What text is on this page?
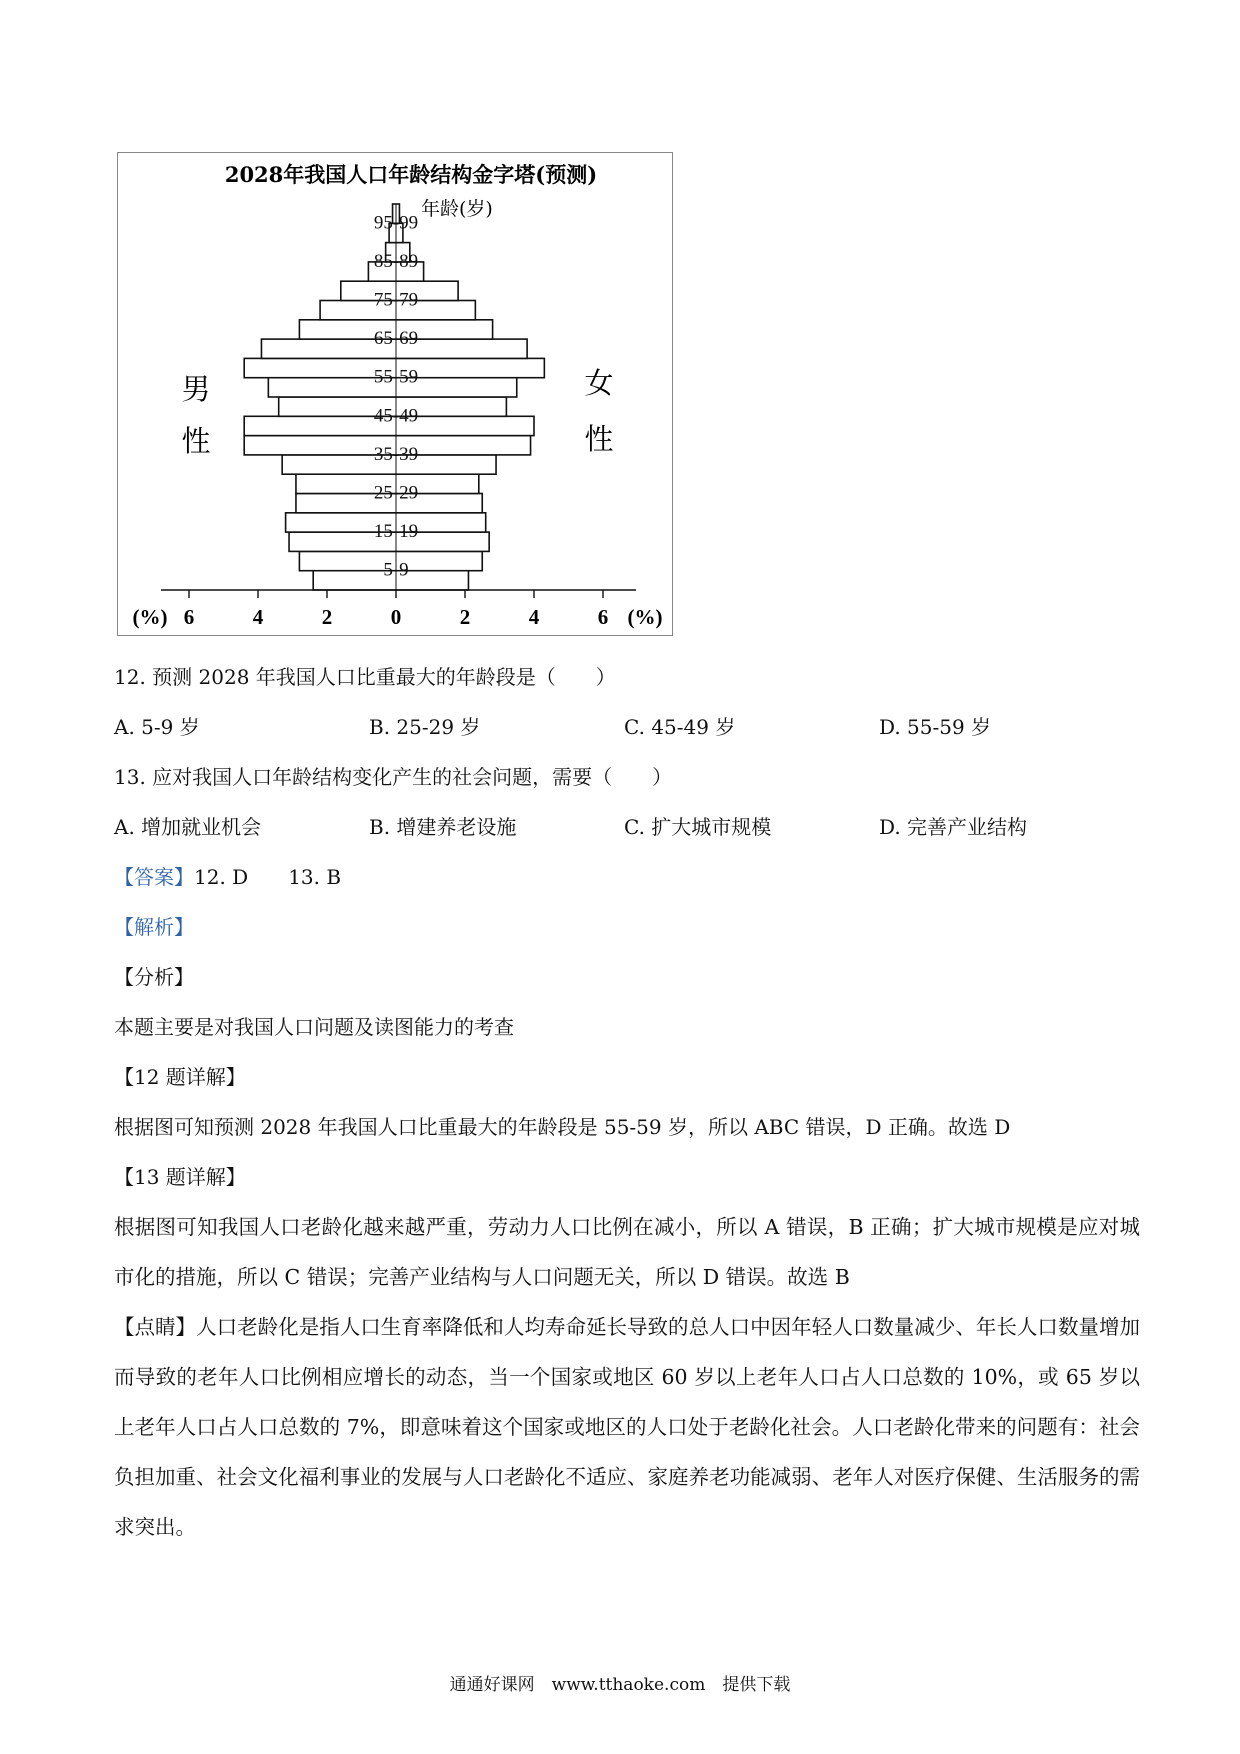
6	4	2	0	2	4	6
(%)	(%)
5-9
15-19
25-29
35-39
45-49
55-59
65-69
75-79
85-89
95-99
2028年我国人口年龄结构金字塔(预测)
年龄(岁)
男
性
女
性
12. 预测 2028 年我国人口比重最大的年龄段是（　　）
A. 5-9 岁	B. 25-29 岁	C. 45-49 岁	D. 55-59 岁
13. 应对我国人口年龄结构变化产生的社会问题，需要（　　）
A. 增加就业机会	B. 增建养老设施	C. 扩大城市规模	D. 完善产业结构
【答案】12. D 13. B
【解析】
【分析】
本题主要是对我国人口问题及读图能力的考查
【12 题详解】
根据图可知预测 2028 年我国人口比重最大的年龄段是 55-59 岁，所以 ABC 错误，D 正确。故选 D
【13 题详解】
根据图可知我国人口老龄化越来越严重，劳动力人口比例在减小，所以 A 错误，B 正确；扩大城市规模是应对城市化的措施，所以 C 错误；完善产业结构与人口问题无关，所以 D 错误。故选 B
【点睛】人口老龄化是指人口生育率降低和人均寿命延长导致的总人口中因年轻人口数量减少、年长人口数量增加而导致的老年人口比例相应增长的动态，当一个国家或地区 60 岁以上老年人口占人口总数的 10%，或 65 岁以上老年人口占人口总数的 7%，即意味着这个国家或地区的人口处于老龄化社会。人口老龄化带来的问题有：社会负担加重、社会文化福利事业的发展与人口老龄化不适应、家庭养老功能减弱、老年人对医疗保健、生活服务的需求突出。
通通好课网　www.tthaoke.com　提供下载
